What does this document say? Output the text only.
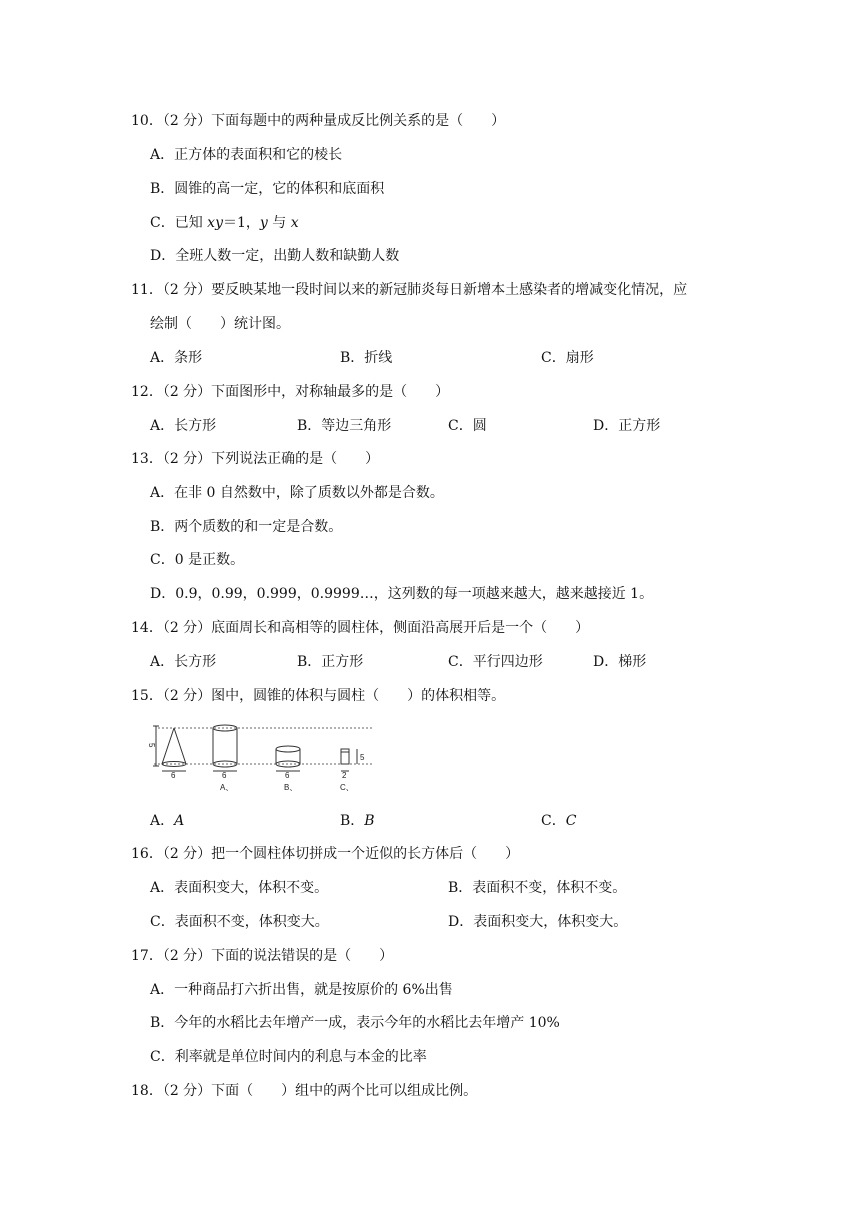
10．（2 分）下面每题中的两种量成反比例关系的是（　　）
A．正方体的表面积和它的棱长
B．圆锥的高一定，它的体积和底面积
C．已知 xy＝1，y 与 x
D．全班人数一定，出勤人数和缺勤人数
11．（2 分）要反映某地一段时间以来的新冠肺炎每日新增本土感染者的增减变化情况，应
绘制（　　）统计图。
A．条形	B．折线	C．扇形
12．（2 分）下面图形中，对称轴最多的是（　　）
A．长方形	B．等边三角形	C．圆	D．正方形
13．（2 分）下列说法正确的是（　　）
A．在非 0 自然数中，除了质数以外都是合数。
B．两个质数的和一定是合数。
C．0 是正数。
D．0.9，0.99，0.999，0.9999…，这列数的每一项越来越大，越来越接近 1。
14．（2 分）底面周长和高相等的圆柱体，侧面沿高展开后是一个（　　）
A．长方形	B．正方形	C．平行四边形	D．梯形
15．（2 分）图中，圆锥的体积与圆柱（　　）的体积相等。
5
6	6	6	2
5
A、	B、	C、
A．A	B．B	C．C
16．（2 分）把一个圆柱体切拼成一个近似的长方体后（　　）
A．表面积变大，体积不变。	B．表面积不变，体积不变。
C．表面积不变，体积变大。	D．表面积变大，体积变大。
17．（2 分）下面的说法错误的是（　　）
A．一种商品打六折出售，就是按原价的 6%出售
B．今年的水稻比去年增产一成，表示今年的水稻比去年增产 10%
C．利率就是单位时间内的利息与本金的比率
18．（2 分）下面（　　）组中的两个比可以组成比例。
